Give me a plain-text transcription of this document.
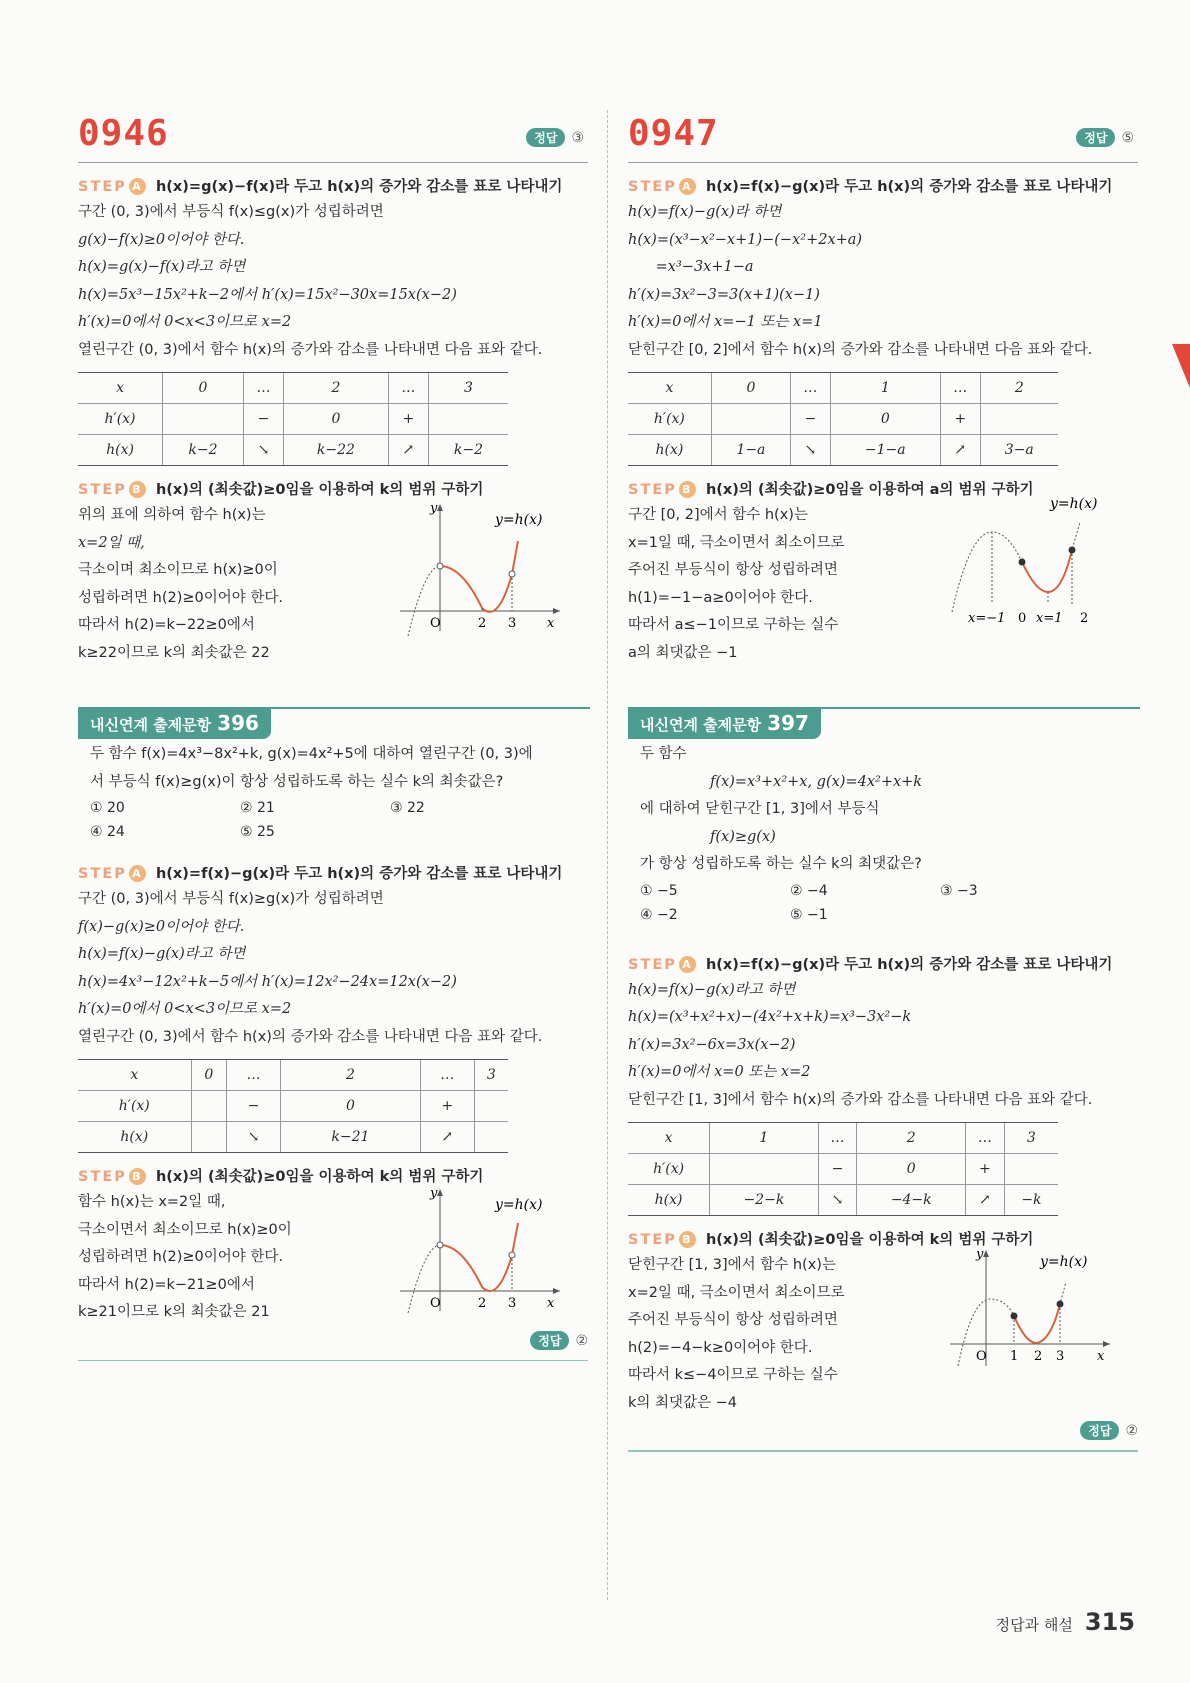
0946	정답 ③
STEP A h(x)=g(x)−f(x)라 두고 h(x)의 증가와 감소를 표로 나타내기
구간 (0, 3)에서 부등식 f(x)≤g(x)가 성립하려면
g(x)−f(x)≥0이어야 한다.
h(x)=g(x)−f(x)라고 하면
h(x)=5x³−15x²+k−2에서 h′(x)=15x²−30x=15x(x−2)
h′(x)=0에서 0<x<3이므로 x=2
열린구간 (0, 3)에서 함수 h(x)의 증가와 감소를 나타내면 다음 표와 같다.
x	0	…	2	…	3
h′(x)		−	0	+	
h(x)	k−2	↘	k−22	↗	k−2
STEP B h(x)의 (최솟값)≥0임을 이용하여 k의 범위 구하기
위의 표에 의하여 함수 h(x)는
x=2일 때,
극소이며 최소이므로 h(x)≥0이
성립하려면 h(2)≥0이어야 한다.
따라서 h(2)=k−22≥0에서
k≥22이므로 k의 최솟값은 22
y
y=h(x)
O	2 3 x
내신연계 출제문항 396
두 함수 f(x)=4x³−8x²+k, g(x)=4x²+5에 대하여 열린구간 (0, 3)에
서 부등식 f(x)≥g(x)이 항상 성립하도록 하는 실수 k의 최솟값은?
① 20	② 21	③ 22
④ 24	⑤ 25
STEP A h(x)=f(x)−g(x)라 두고 h(x)의 증가와 감소를 표로 나타내기
구간 (0, 3)에서 부등식 f(x)≥g(x)가 성립하려면
f(x)−g(x)≥0이어야 한다.
h(x)=f(x)−g(x)라고 하면
h(x)=4x³−12x²+k−5에서 h′(x)=12x²−24x=12x(x−2)
h′(x)=0에서 0<x<3이므로 x=2
열린구간 (0, 3)에서 함수 h(x)의 증가와 감소를 나타내면 다음 표와 같다.
x	0	…	2	…	3
h′(x)		−	0	+	
h(x)		↘	k−21	↗	
STEP B h(x)의 (최솟값)≥0임을 이용하여 k의 범위 구하기
함수 h(x)는 x=2일 때,
극소이면서 최소이므로 h(x)≥0이
성립하려면 h(2)≥0이어야 한다.
따라서 h(2)=k−21≥0에서
k≥21이므로 k의 최솟값은 21
y
y=h(x)
O	2 3 x
정답 ②
0947	정답 ⑤
STEP A h(x)=f(x)−g(x)라 두고 h(x)의 증가와 감소를 표로 나타내기
h(x)=f(x)−g(x)라 하면
h(x)=(x³−x²−x+1)−(−x²+2x+a)
=x³−3x+1−a
h′(x)=3x²−3=3(x+1)(x−1)
h′(x)=0에서 x=−1 또는 x=1
닫힌구간 [0, 2]에서 함수 h(x)의 증가와 감소를 나타내면 다음 표와 같다.
x	0	…	1	…	2
h′(x)		−	0	+	
h(x)	1−a	↘	−1−a	↗	3−a
STEP B h(x)의 (최솟값)≥0임을 이용하여 a의 범위 구하기
구간 [0, 2]에서 함수 h(x)는
x=1일 때, 극소이면서 최소이므로
주어진 부등식이 항상 성립하려면
h(1)=−1−a≥0이어야 한다.
따라서 a≤−1이므로 구하는 실수
a의 최댓값은 −1
y=h(x)
x=−1 0 x=1 2
내신연계 출제문항 397
두 함수
f(x)=x³+x²+x, g(x)=4x²+x+k
에 대하여 닫힌구간 [1, 3]에서 부등식
f(x)≥g(x)
가 항상 성립하도록 하는 실수 k의 최댓값은?
① −5	② −4	③ −3
④ −2	⑤ −1
STEP A h(x)=f(x)−g(x)라 두고 h(x)의 증가와 감소를 표로 나타내기
h(x)=f(x)−g(x)라고 하면
h(x)=(x³+x²+x)−(4x²+x+k)=x³−3x²−k
h′(x)=3x²−6x=3x(x−2)
h′(x)=0에서 x=0 또는 x=2
닫힌구간 [1, 3]에서 함수 h(x)의 증가와 감소를 나타내면 다음 표와 같다.
x	1	…	2	…	3
h′(x)		−	0	+	
h(x)	−2−k	↘	−4−k	↗	−k
STEP B h(x)의 (최솟값)≥0임을 이용하여 k의 범위 구하기
닫힌구간 [1, 3]에서 함수 h(x)는
x=2일 때, 극소이면서 최소이므로
주어진 부등식이 항상 성립하려면
h(2)=−4−k≥0이어야 한다.
따라서 k≤−4이므로 구하는 실수
k의 최댓값은 −4
y	y=h(x)
O 1 2 3	x
정답 ②
정답과 해설 315
